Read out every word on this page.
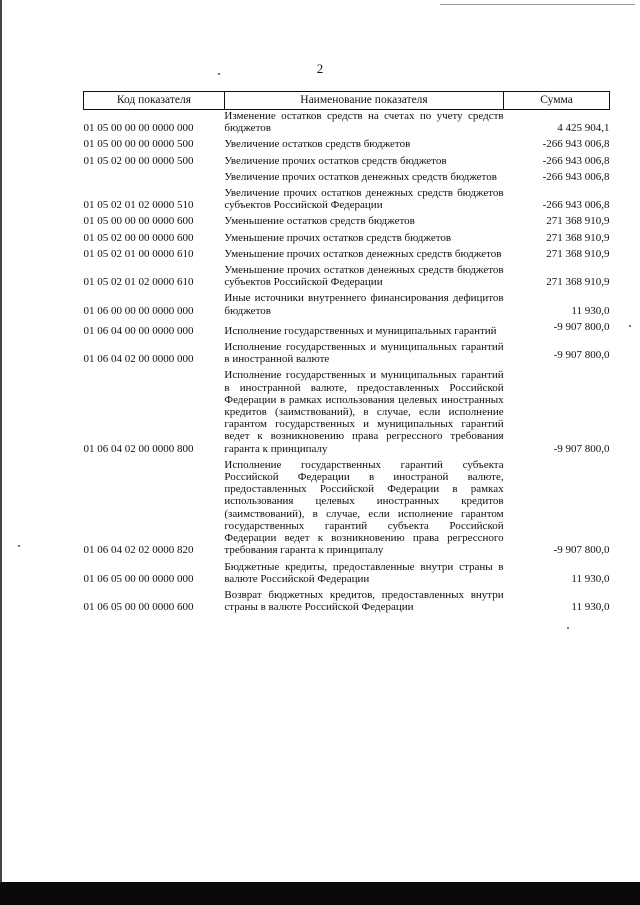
2
Код показателя	Наименование показателя	Сумма
01 05 00 00 00 0000 000	Изменение остатков средств на счетах по учету средств бюджетов	4 425 904,1
01 05 00 00 00 0000 500	Увеличение остатков средств бюджетов	-266 943 006,8
01 05 02 00 00 0000 500	Увеличение прочих остатков средств бюджетов	-266 943 006,8
	Увеличение прочих остатков денежных средств бюджетов	-266 943 006,8
01 05 02 01 02 0000 510	Увеличение прочих остатков денежных средств бюджетов субъектов Российской Федерации	-266 943 006,8
01 05 00 00 00 0000 600	Уменьшение остатков средств бюджетов	271 368 910,9
01 05 02 00 00 0000 600	Уменьшение прочих остатков средств бюджетов	271 368 910,9
01 05 02 01 00 0000 610	Уменьшение прочих остатков денежных средств бюджетов	271 368 910,9
01 05 02 01 02 0000 610	Уменьшение прочих остатков денежных средств бюджетов субъектов Российской Федерации	271 368 910,9
01 06 00 00 00 0000 000	Иные источники внутреннего финансирования дефицитов бюджетов	11 930,0
01 06 04 00 00 0000 000	Исполнение государственных и муниципальных гарантий	-9 907 800,0
01 06 04 02 00 0000 000	Исполнение государственных и муниципальных гарантий в иностранной валюте	-9 907 800,0
01 06 04 02 00 0000 800	Исполнение государственных и муниципальных гарантий в иностранной валюте, предоставленных Российской Федерации в рамках использования целевых иностранных кредитов (заимствований), в случае, если исполнение гарантом государственных и муниципальных гарантий ведет к возникновению права регрессного требования гаранта к принципалу	-9 907 800,0
01 06 04 02 02 0000 820	Исполнение государственных гарантий субъекта Российской Федерации в иностраной валюте, предоставленных Российской Федерации в рамках использования целевых иностранных кредитов (заимствований), в случае, если исполнение гарантом государственных гарантий субъекта Российской Федерации ведет к возникновению права регрессного требования гаранта к принципалу	-9 907 800,0
01 06 05 00 00 0000 000	Бюджетные кредиты, предоставленные внутри страны в валюте Российской Федерации	11 930,0
01 06 05 00 00 0000 600	Возврат бюджетных кредитов, предоставленных внутри страны в валюте Российской Федерации	11 930,0
